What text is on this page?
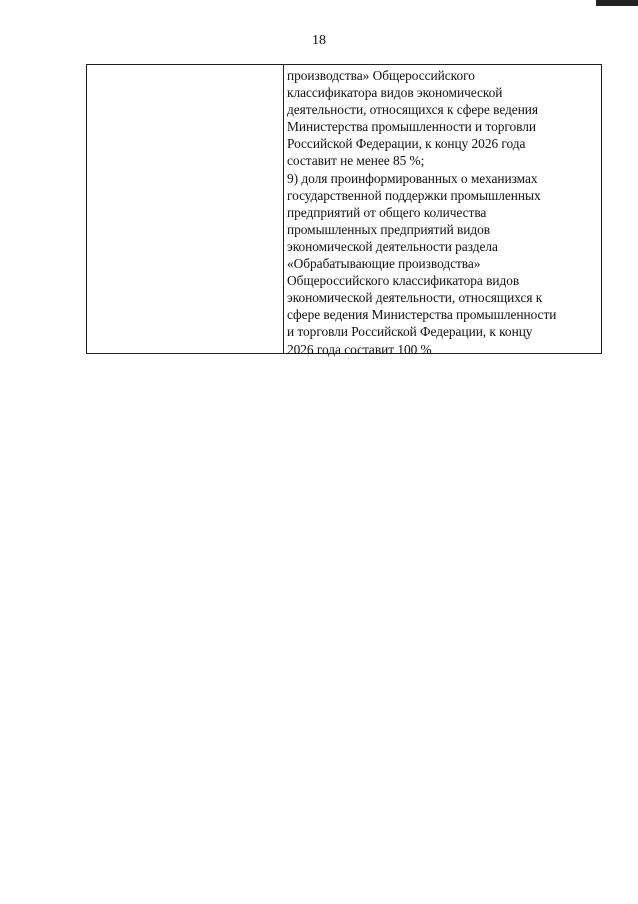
18
производства» Общероссийского
классификатора видов экономической
деятельности, относящихся к сфере ведения
Министерства промышленности и торговли
Российской Федерации, к концу 2026 года
составит не менее 85 %;
9) доля проинформированных о механизмах
государственной поддержки промышленных
предприятий от общего количества
промышленных предприятий видов
экономической деятельности раздела
«Обрабатывающие производства»
Общероссийского классификатора видов
экономической деятельности, относящихся к
сфере ведения Министерства промышленности
и торговли Российской Федерации, к концу
2026 года составит 100 %
